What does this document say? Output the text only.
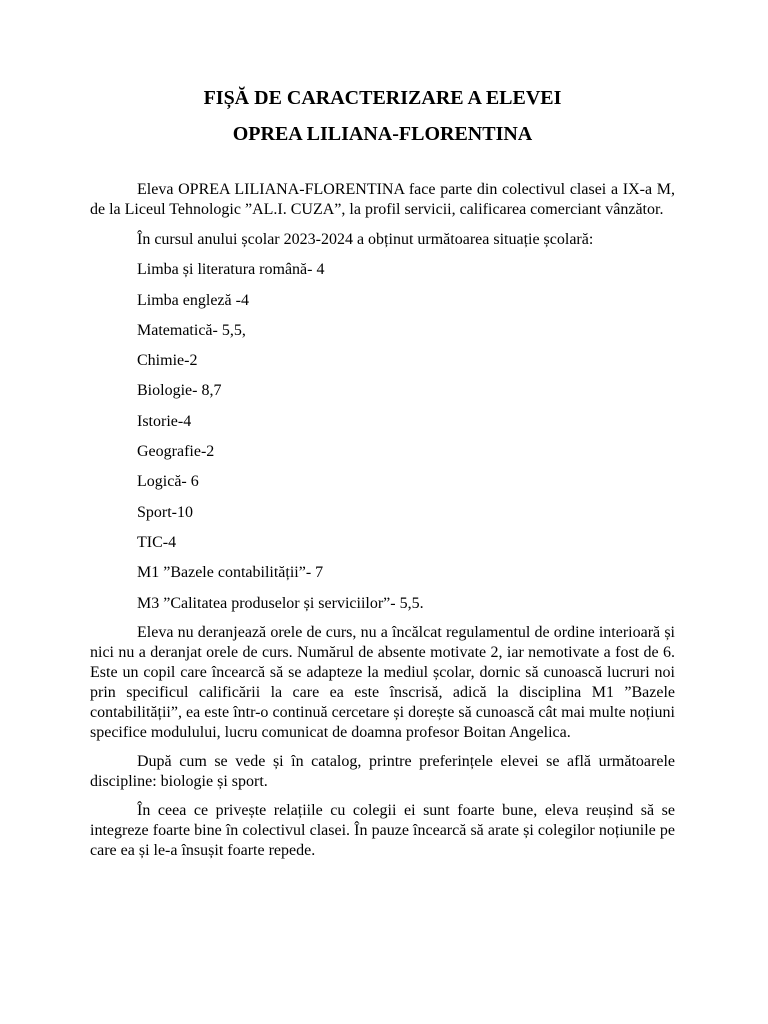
FIȘĂ DE CARACTERIZARE A ELEVEI
OPREA LILIANA-FLORENTINA

Eleva OPREA LILIANA-FLORENTINA face parte din colectivul clasei a IX-a M, de la Liceul Tehnologic ”AL.I. CUZA”, la profil servicii, calificarea comerciant vânzător.

În cursul anului școlar 2023-2024 a obținut următoarea situație școlară:

Limba și literatura română- 4
Limba engleză -4
Matematică- 5,5,
Chimie-2
Biologie- 8,7
Istorie-4
Geografie-2
Logică- 6
Sport-10
TIC-4
M1 ”Bazele contabilității”- 7
M3 ”Calitatea produselor și serviciilor”- 5,5.

Eleva nu deranjează orele de curs, nu a încălcat regulamentul de ordine interioară și nici nu a deranjat orele de curs. Numărul de absente motivate 2, iar nemotivate a fost de 6. Este un copil care încearcă să se adapteze la mediul școlar, dornic să cunoască lucruri noi prin specificul calificării la care ea este înscrisă, adică la disciplina M1 ”Bazele contabilității”, ea este într-o continuă cercetare și dorește să cunoască cât mai multe noțiuni specifice modulului, lucru comunicat de doamna profesor Boitan Angelica.

După cum se vede și în catalog, printre preferințele elevei se află următoarele discipline: biologie și sport.

În ceea ce privește relațiile cu colegii ei sunt foarte bune, eleva reușind să se integreze foarte bine în colectivul clasei. În pauze încearcă să arate și colegilor noțiunile pe care ea și le-a însușit foarte repede.
